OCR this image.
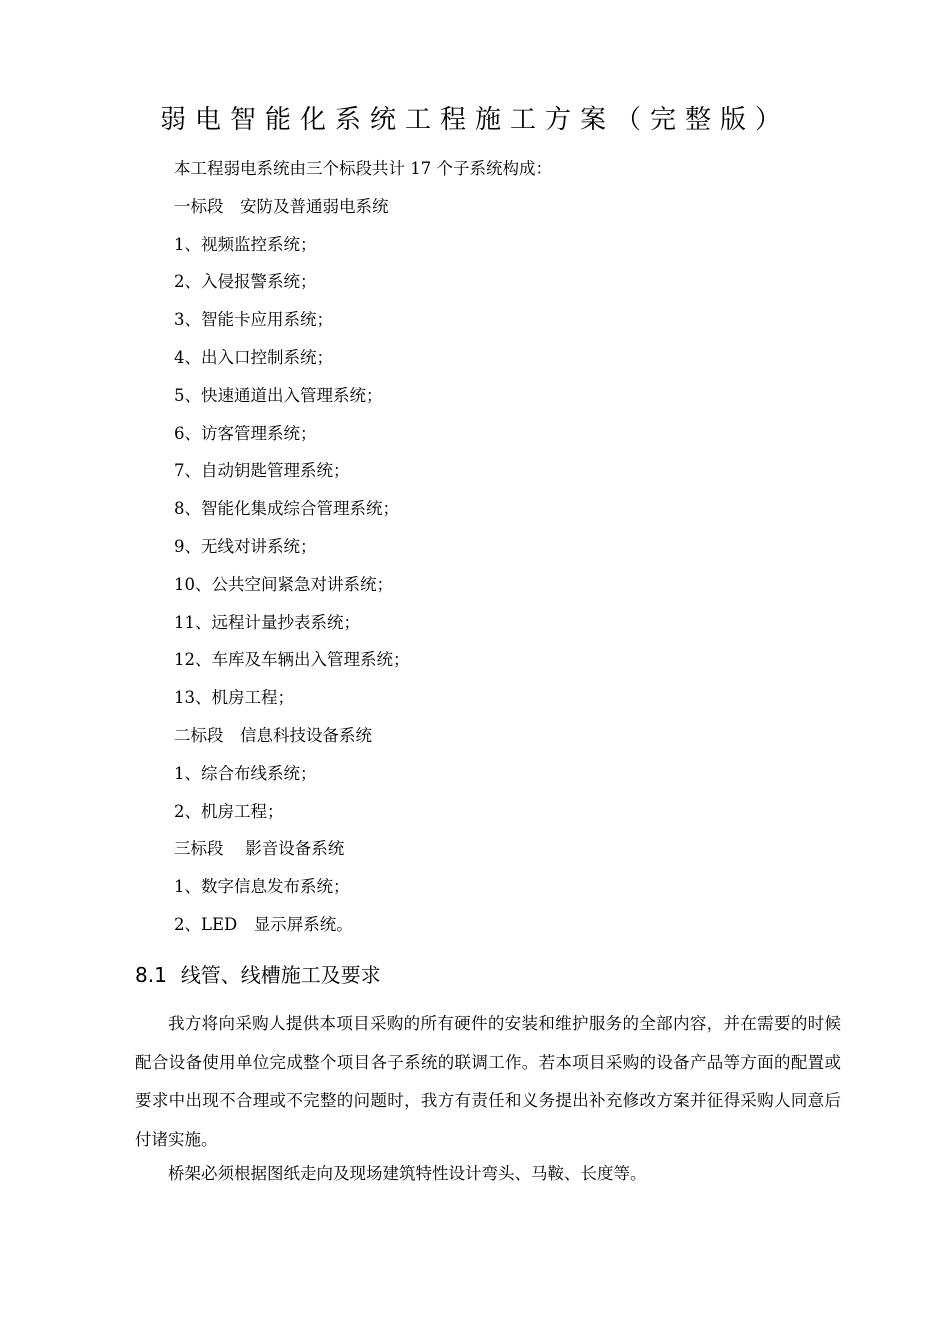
弱电智能化系统工程施工方案（完整版）
本工程弱电系统由三个标段共计 17 个子系统构成：
一标段　安防及普通弱电系统
1、视频监控系统；
2、入侵报警系统；
3、智能卡应用系统；
4、出入口控制系统；
5、快速通道出入管理系统；
6、访客管理系统；
7、自动钥匙管理系统；
8、智能化集成综合管理系统；
9、无线对讲系统；
10、公共空间紧急对讲系统；
11、远程计量抄表系统；
12、车库及车辆出入管理系统；
13、机房工程；
二标段　信息科技设备系统
1、综合布线系统；
2、机房工程；
三标段　 影音设备系统
1、数字信息发布系统；
2、LED　显示屏系统。
8.1 线管、线槽施工及要求

我方将向采购人提供本项目采购的所有硬件的安装和维护服务的全部内容，并在需要的时候配合设备使用单位完成整个项目各子系统的联调工作。若本项目采购的设备产品等方面的配置或要求中出现不合理或不完整的问题时，我方有责任和义务提出补充修改方案并征得采购人同意后付诸实施。

桥架必须根据图纸走向及现场建筑特性设计弯头、马鞍、长度等。
